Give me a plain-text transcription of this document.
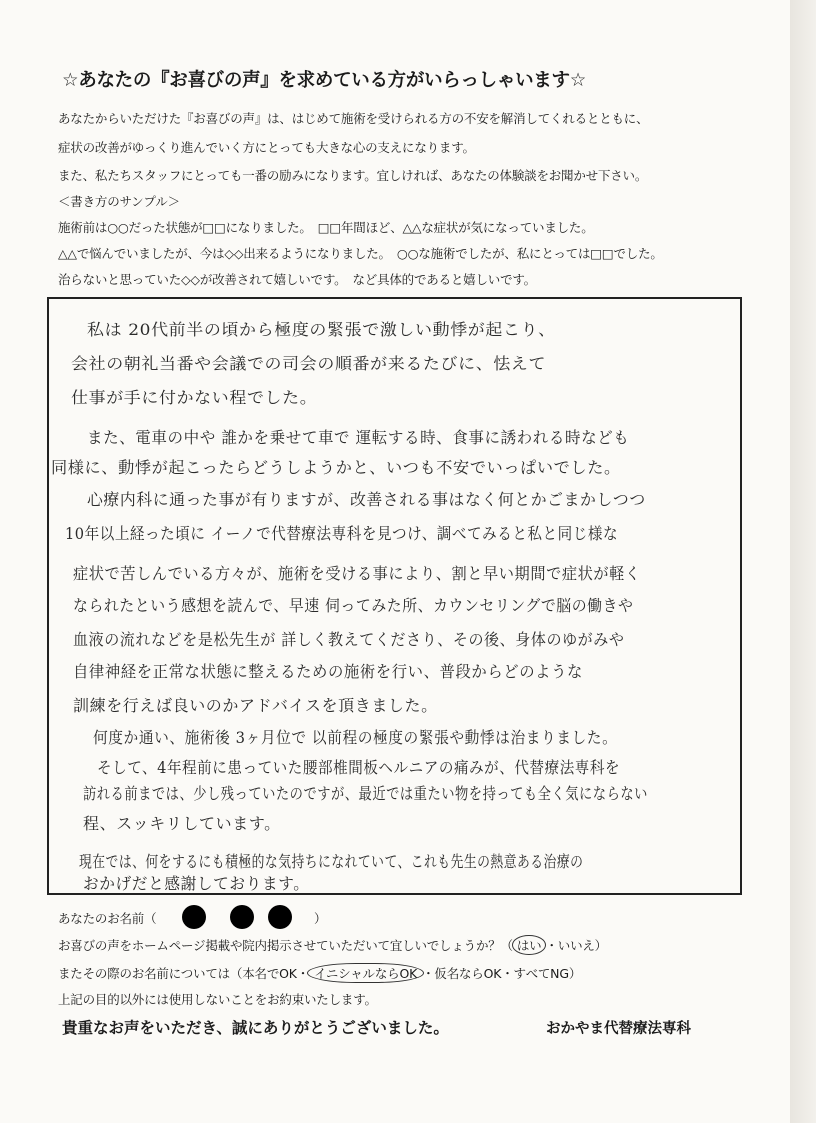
☆あなたの『お喜びの声』を求めている方がいらっしゃいます☆
あなたからいただけた『お喜びの声』は、はじめて施術を受けられる方の不安を解消してくれるとともに、
症状の改善がゆっくり進んでいく方にとっても大きな心の支えになります。
また、私たちスタッフにとっても一番の励みになります。宜しければ、あなたの体験談をお聞かせ下さい。
＜書き方のサンプル＞
施術前は○○だった状態が□□になりました。　□□年間ほど、△△な症状が気になっていました。
△△で悩んでいましたが、今は◇◇出来るようになりました。　○○な施術でしたが、私にとっては□□でした。
治らないと思っていた◇◇が改善されて嬉しいです。　など具体的であると嬉しいです。
私は 20代前半の頃から極度の緊張で激しい動悸が起こり、
会社の朝礼当番や会議での司会の順番が来るたびに、怯えて
仕事が手に付かない程でした。
また、電車の中や 誰かを乗せて車で 運転する時、食事に誘われる時なども
同様に、動悸が起こったらどうしようかと、いつも不安でいっぱいでした。
心療内科に通った事が有りますが、改善される事はなく何とかごまかしつつ
10年以上経った頃に イーノで代替療法専科を見つけ、調べてみると私と同じ様な
症状で苦しんでいる方々が、施術を受ける事により、割と早い期間で症状が軽く
なられたという感想を読んで、早速 伺ってみた所、カウンセリングで脳の働きや
血液の流れなどを是松先生が 詳しく教えてくださり、その後、身体のゆがみや
自律神経を正常な状態に整えるための施術を行い、普段からどのような
訓練を行えば良いのかアドバイスを頂きました。
何度か通い、施術後 3ヶ月位で 以前程の極度の緊張や動悸は治まりました。
そして、4年程前に患っていた腰部椎間板ヘルニアの痛みが、代替療法専科を
訪れる前までは、少し残っていたのですが、最近では重たい物を持っても全く気にならない
程、スッキリしています。
現在では、何をするにも積極的な気持ちになれていて、これも先生の熱意ある治療の
おかげだと感謝しております。
あなたのお名前（	）
お喜びの声をホームページ掲載や院内掲示させていただいて宜しいでしょうか？（ はい ・いいえ）
またその際のお名前については（本名でOK・ イニシャルならOK ・仮名ならOK・すべてNG）
上記の目的以外には使用しないことをお約束いたします。
貴重なお声をいただき、誠にありがとうございました。	おかやま代替療法専科
